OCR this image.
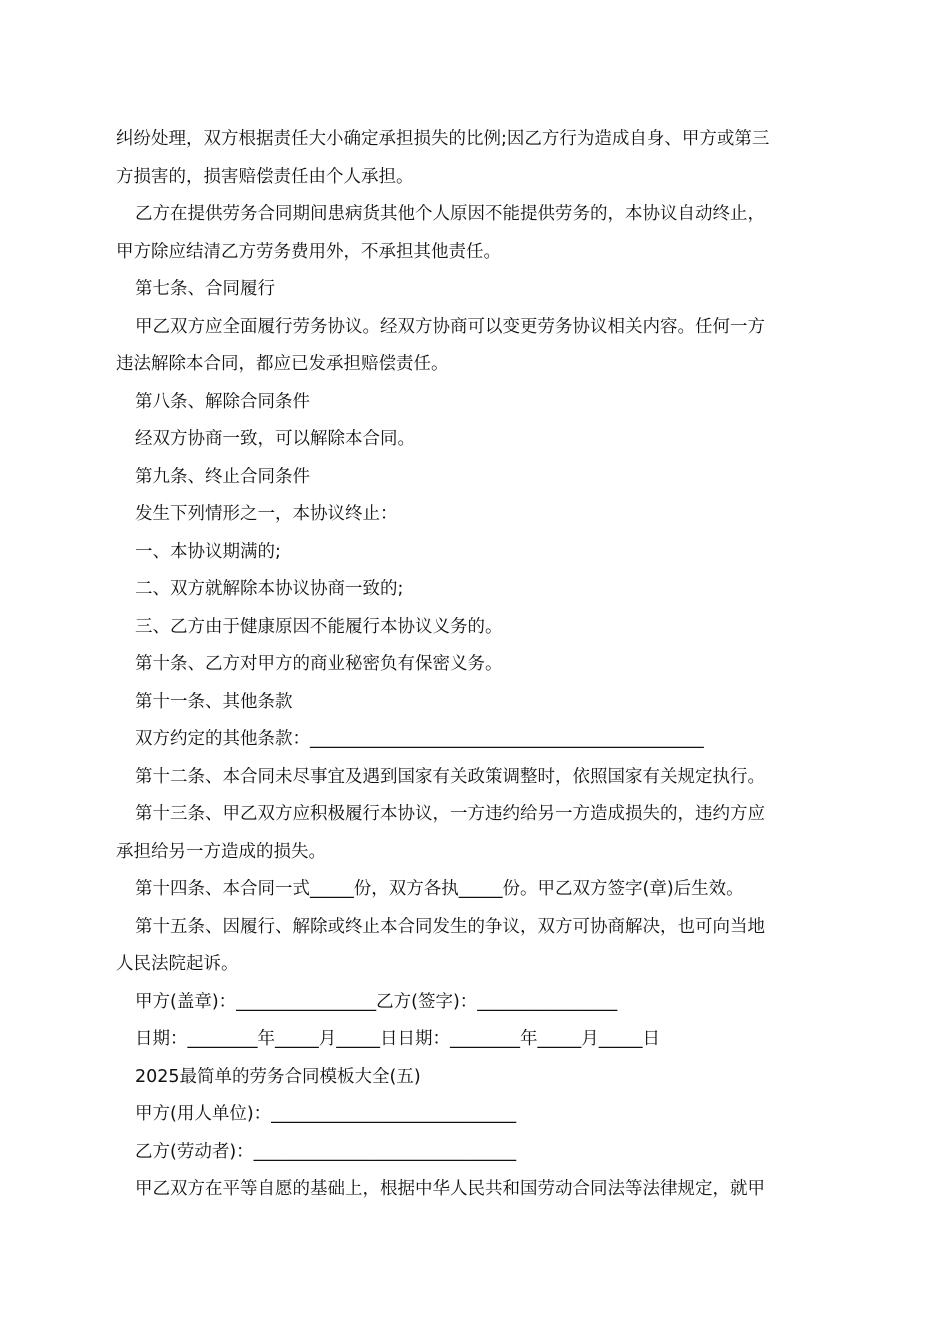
纠纷处理，双方根据责任大小确定承担损失的比例;因乙方行为造成自身、甲方或第三

方损害的，损害赔偿责任由个人承担。

乙方在提供劳务合同期间患病货其他个人原因不能提供劳务的，本协议自动终止，

甲方除应结清乙方劳务费用外，不承担其他责任。

第七条、合同履行

甲乙双方应全面履行劳务协议。经双方协商可以变更劳务协议相关内容。任何一方

违法解除本合同，都应已发承担赔偿责任。

第八条、解除合同条件

经双方协商一致，可以解除本合同。

第九条、终止合同条件

发生下列情形之一，本协议终止：

一、本协议期满的;

二、双方就解除本协议协商一致的;

三、乙方由于健康原因不能履行本协议义务的。

第十条、乙方对甲方的商业秘密负有保密义务。

第十一条、其他条款

双方约定的其他条款：_____________________________________________

第十二条、本合同未尽事宜及遇到国家有关政策调整时，依照国家有关规定执行。

第十三条、甲乙双方应积极履行本协议，一方违约给另一方造成损失的，违约方应

承担给另一方造成的损失。

第十四条、本合同一式_____份，双方各执_____份。甲乙双方签字(章)后生效。

第十五条、因履行、解除或终止本合同发生的争议，双方可协商解决，也可向当地

人民法院起诉。

甲方(盖章)：________________乙方(签字)：________________

日期：________年_____月_____日日期：________年_____月_____日

2025最简单的劳务合同模板大全(五)

甲方(用人单位)：____________________________

乙方(劳动者)：______________________________

甲乙双方在平等自愿的基础上，根据中华人民共和国劳动合同法等法律规定，就甲
